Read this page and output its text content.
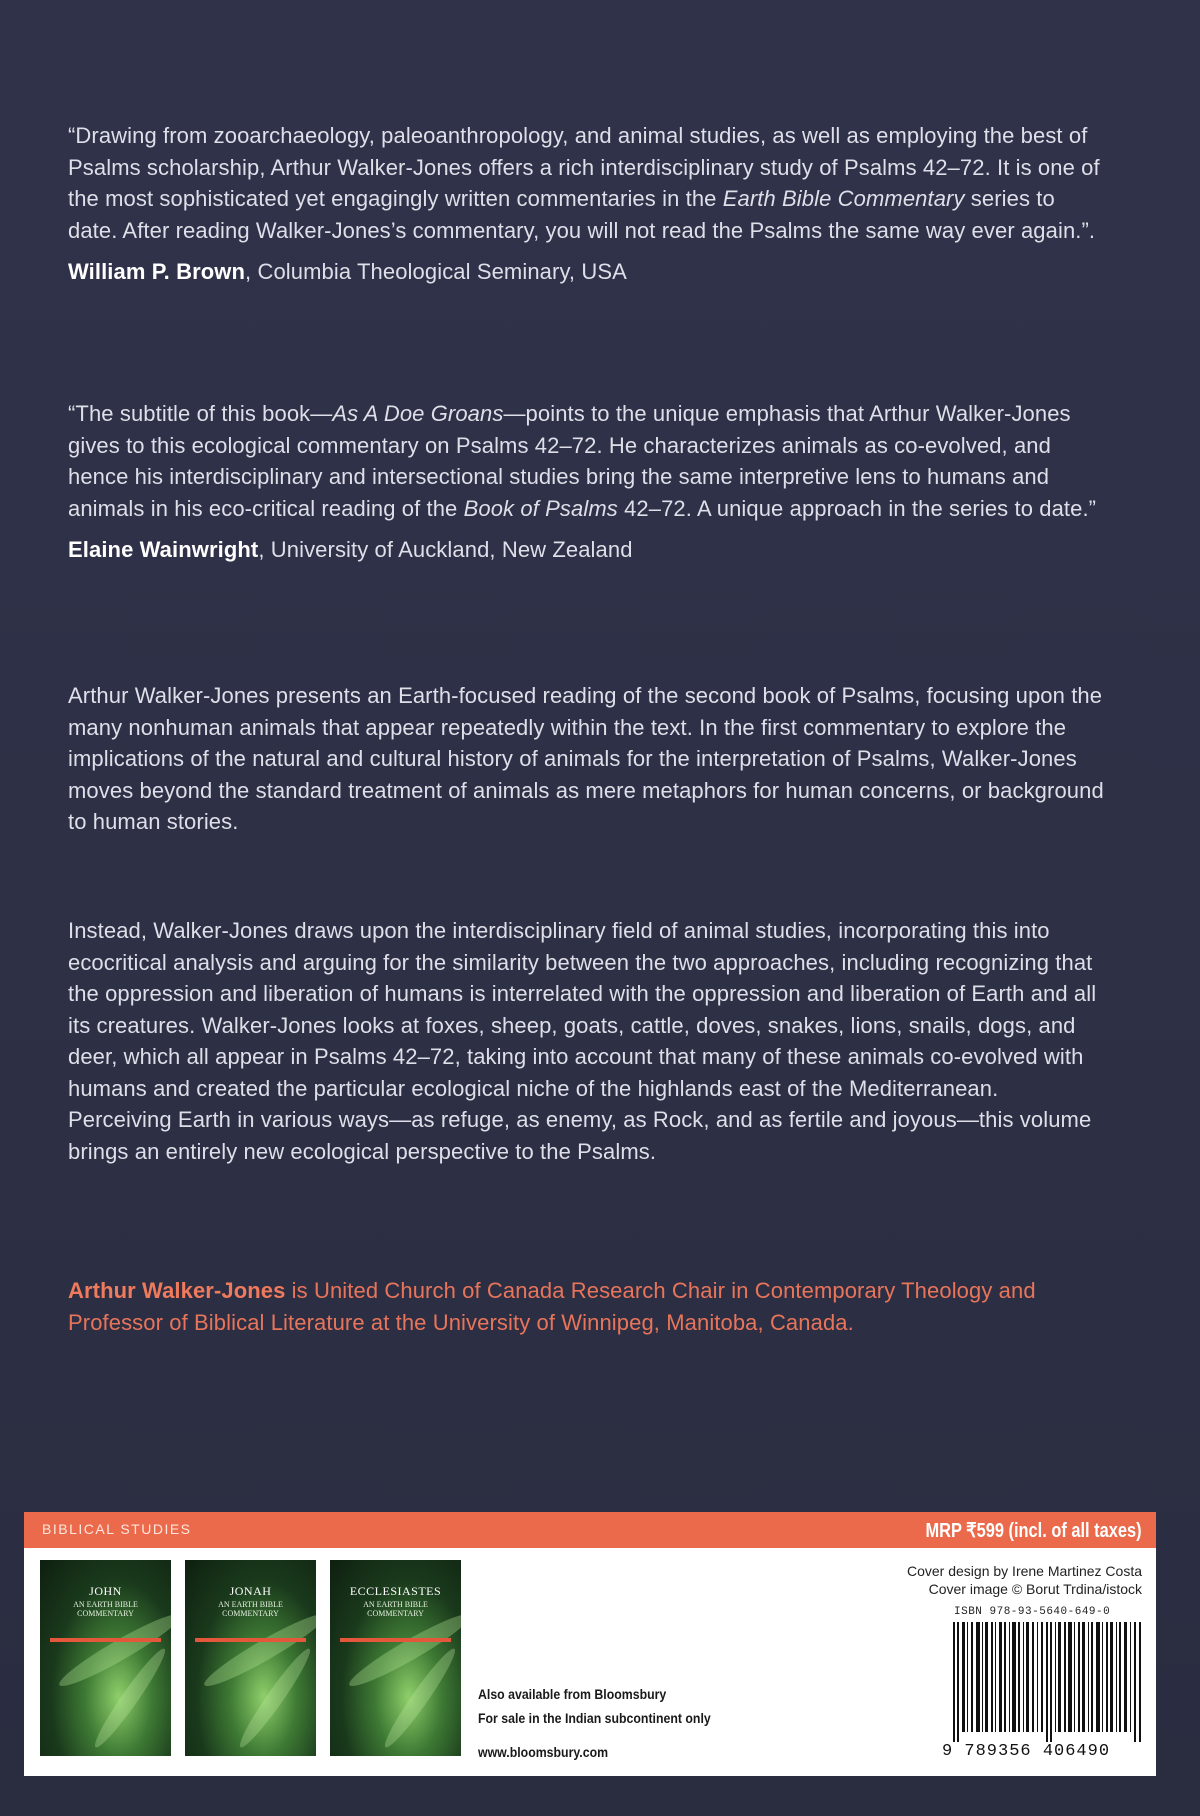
“Drawing from zooarchaeology, paleoanthropology, and animal studies, as well as employing the best of Psalms scholarship, Arthur Walker-Jones offers a rich interdisciplinary study of Psalms 42–72. It is one of the most sophisticated yet engagingly written commentaries in the Earth Bible Commentary series to date. After reading Walker-Jones’s commentary, you will not read the Psalms the same way ever again.”.

William P. Brown, Columbia Theological Seminary, USA

“The subtitle of this book—As A Doe Groans—points to the unique emphasis that Arthur Walker-Jones gives to this ecological commentary on Psalms 42–72. He characterizes animals as co-evolved, and hence his interdisciplinary and intersectional studies bring the same interpretive lens to humans and animals in his eco-critical reading of the Book of Psalms 42–72. A unique approach in the series to date.”

Elaine Wainwright, University of Auckland, New Zealand

Arthur Walker-Jones presents an Earth-focused reading of the second book of Psalms, focusing upon the many nonhuman animals that appear repeatedly within the text. In the first commentary to explore the implications of the natural and cultural history of animals for the interpretation of Psalms, Walker-Jones moves beyond the standard treatment of animals as mere metaphors for human concerns, or background to human stories.

Instead, Walker-Jones draws upon the interdisciplinary field of animal studies, incorporating this into ecocritical analysis and arguing for the similarity between the two approaches, including recognizing that the oppression and liberation of humans is interrelated with the oppression and liberation of Earth and all its creatures. Walker-Jones looks at foxes, sheep, goats, cattle, doves, snakes, lions, snails, dogs, and deer, which all appear in Psalms 42–72, taking into account that many of these animals co-evolved with humans and created the particular ecological niche of the highlands east of the Mediterranean. Perceiving Earth in various ways—as refuge, as enemy, as Rock, and as fertile and joyous—this volume brings an entirely new ecological perspective to the Psalms.

Arthur Walker-Jones is United Church of Canada Research Chair in Contemporary Theology and Professor of Biblical Literature at the University of Winnipeg, Manitoba, Canada.

BIBLICAL STUDIES	MRP ₹599 (incl. of all taxes)
JOHN
AN EARTH BIBLE COMMENTARY
JONAH
AN EARTH BIBLE COMMENTARY
ECCLESIASTES
AN EARTH BIBLE COMMENTARY
Also available from Bloomsbury
For sale in the Indian subcontinent only
www.bloomsbury.com
Cover design by Irene Martinez Costa
Cover image © Borut Trdina/istock
ISBN 978-93-5640-649-0
9 789356 406490
